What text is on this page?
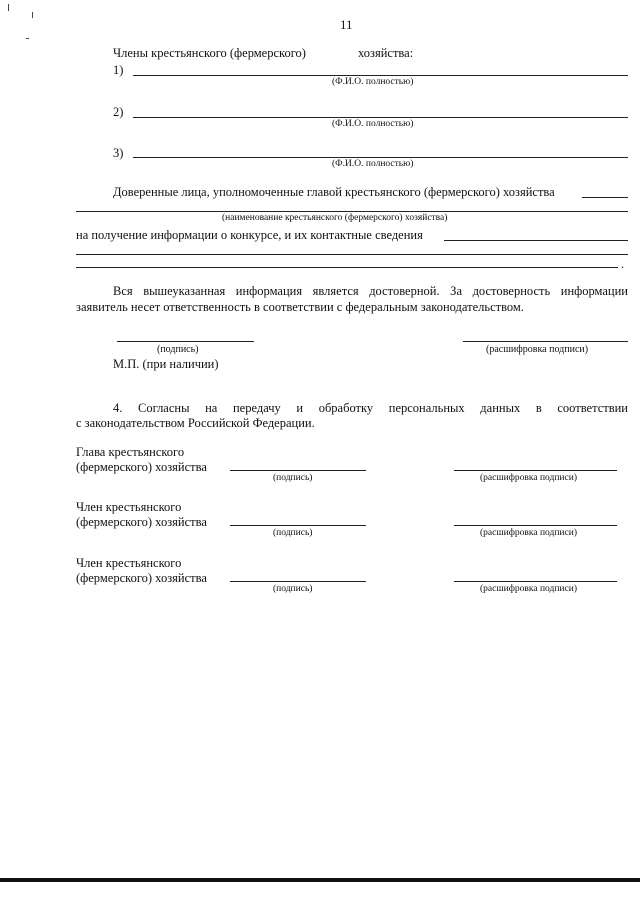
11
Члены крестьянского (фермерского)	хозяйства:
1)
(Ф.И.О. полностью)
2)
(Ф.И.О. полностью)
3)
(Ф.И.О. полностью)
Доверенные лица, уполномоченные главой крестьянского (фермерского) хозяйства
(наименование крестьянского (фермерского) хозяйства)
на получение информации о конкурсе, и их контактные сведения
.
Вся вышеуказанная информация является достоверной. За достоверность информации
заявитель несет ответственность в соответствии с федеральным законодательством.
(подпись)	(расшифровка подписи)
М.П. (при наличии)
4. Согласны на передачу и обработку персональных данных в соответствии
с законодательством Российской Федерации.
Глава крестьянского
(фермерского) хозяйства
(подпись)	(расшифровка подписи)
Член крестьянского
(фермерского) хозяйства
(подпись)	(расшифровка подписи)
Член крестьянского
(фермерского) хозяйства
(подпись)	(расшифровка подписи)
